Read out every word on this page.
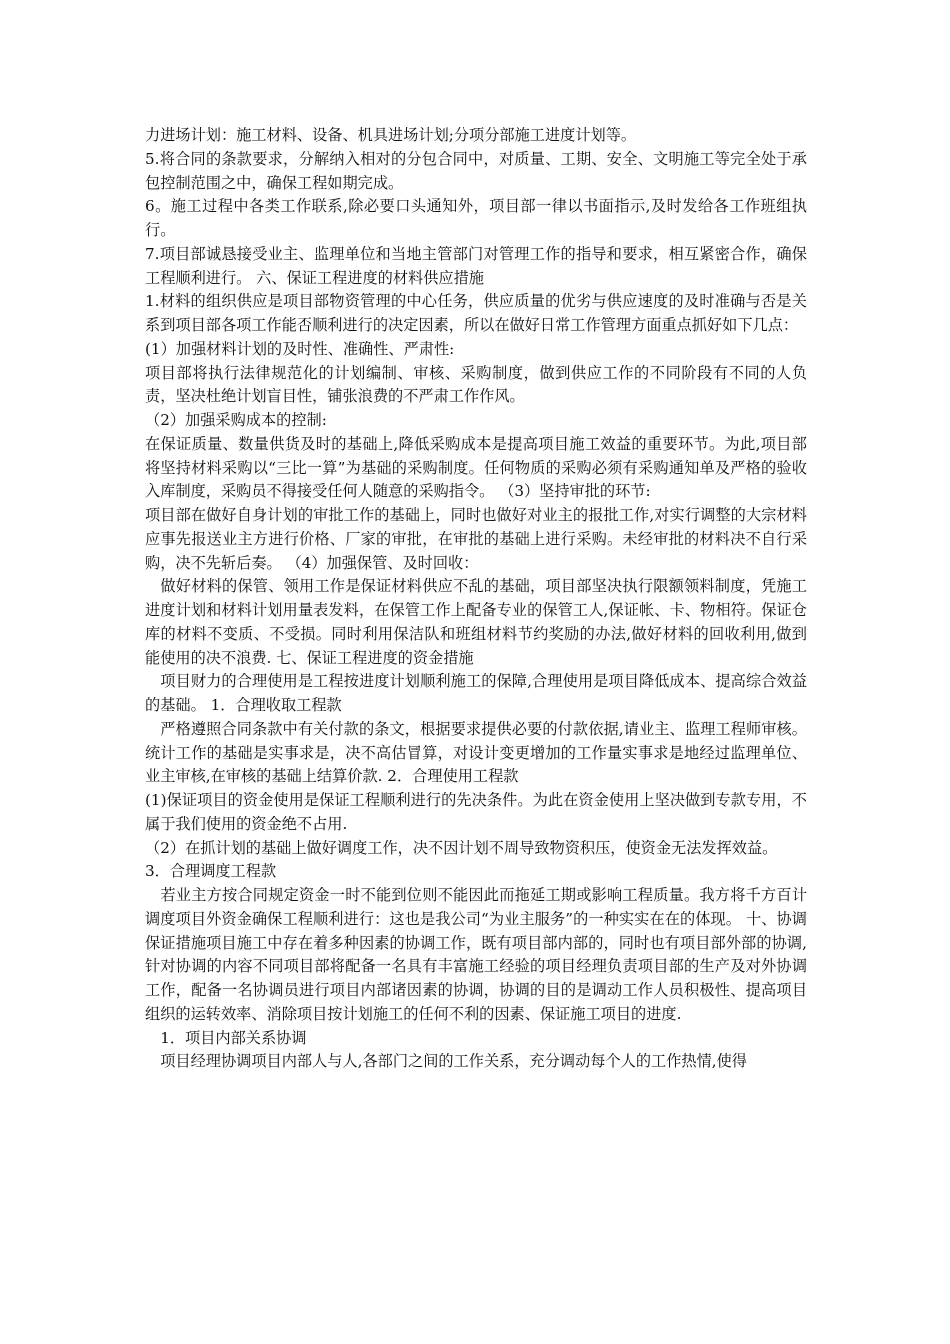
力进场计划：施工材料、设备、机具进场计划;分项分部施工进度计划等。

5.将合同的条款要求，分解纳入相对的分包合同中，对质量、工期、安全、文明施工等完全处于承包控制范围之中，确保工程如期完成。

6。施工过程中各类工作联系,除必要口头通知外，项目部一律以书面指示,及时发给各工作班组执行。

7.项目部诚恳接受业主、监理单位和当地主管部门对管理工作的指导和要求，相互紧密合作，确保工程顺利进行。 六、保证工程进度的材料供应措施

1.材料的组织供应是项目部物资管理的中心任务，供应质量的优劣与供应速度的及时准确与否是关系到项目部各项工作能否顺利进行的决定因素，所以在做好日常工作管理方面重点抓好如下几点：

(1）加强材料计划的及时性、准确性、严肃性:

项目部将执行法律规范化的计划编制、审核、采购制度，做到供应工作的不同阶段有不同的人负责，坚决杜绝计划盲目性，铺张浪费的不严肃工作作风。

（2）加强采购成本的控制:

在保证质量、数量供货及时的基础上,降低采购成本是提高项目施工效益的重要环节。为此,项目部将坚持材料采购以“三比一算”为基础的采购制度。任何物质的采购必须有采购通知单及严格的验收入库制度，采购员不得接受任何人随意的采购指令。 （3）坚持审批的环节:

项目部在做好自身计划的审批工作的基础上，同时也做好对业主的报批工作,对实行调整的大宗材料应事先报送业主方进行价格、厂家的审批，在审批的基础上进行采购。未经审批的材料决不自行采购，决不先斩后奏。 （4）加强保管、及时回收：

　做好材料的保管、领用工作是保证材料供应不乱的基础，项目部坚决执行限额领料制度，凭施工进度计划和材料计划用量表发料，在保管工作上配备专业的保管工人,保证帐、卡、物相符。保证仓库的材料不变质、不受损。同时利用保洁队和班组材料节约奖励的办法,做好材料的回收利用,做到能使用的决不浪费. 七、保证工程进度的资金措施

　项目财力的合理使用是工程按进度计划顺利施工的保障,合理使用是项目降低成本、提高综合效益的基础。 1．合理收取工程款

　严格遵照合同条款中有关付款的条文，根据要求提供必要的付款依据,请业主、监理工程师审核。统计工作的基础是实事求是，决不高估冒算，对设计变更增加的工作量实事求是地经过监理单位、业主审核,在审核的基础上结算价款. 2．合理使用工程款

(1)保证项目的资金使用是保证工程顺利进行的先决条件。为此在资金使用上坚决做到专款专用，不属于我们使用的资金绝不占用.

（2）在抓计划的基础上做好调度工作，决不因计划不周导致物资积压，使资金无法发挥效益。

3．合理调度工程款

　若业主方按合同规定资金一时不能到位则不能因此而拖延工期或影响工程质量。我方将千方百计调度项目外资金确保工程顺利进行：这也是我公司“为业主服务”的一种实实在在的体现。 十、协调保证措施项目施工中存在着多种因素的协调工作，既有项目部内部的，同时也有项目部外部的协调,针对协调的内容不同项目部将配备一名具有丰富施工经验的项目经理负责项目部的生产及对外协调工作，配备一名协调员进行项目内部诸因素的协调，协调的目的是调动工作人员积极性、提高项目组织的运转效率、消除项目按计划施工的任何不利的因素、保证施工项目的进度.

　1．项目内部关系协调

　项目经理协调项目内部人与人,各部门之间的工作关系，充分调动每个人的工作热情,使得
